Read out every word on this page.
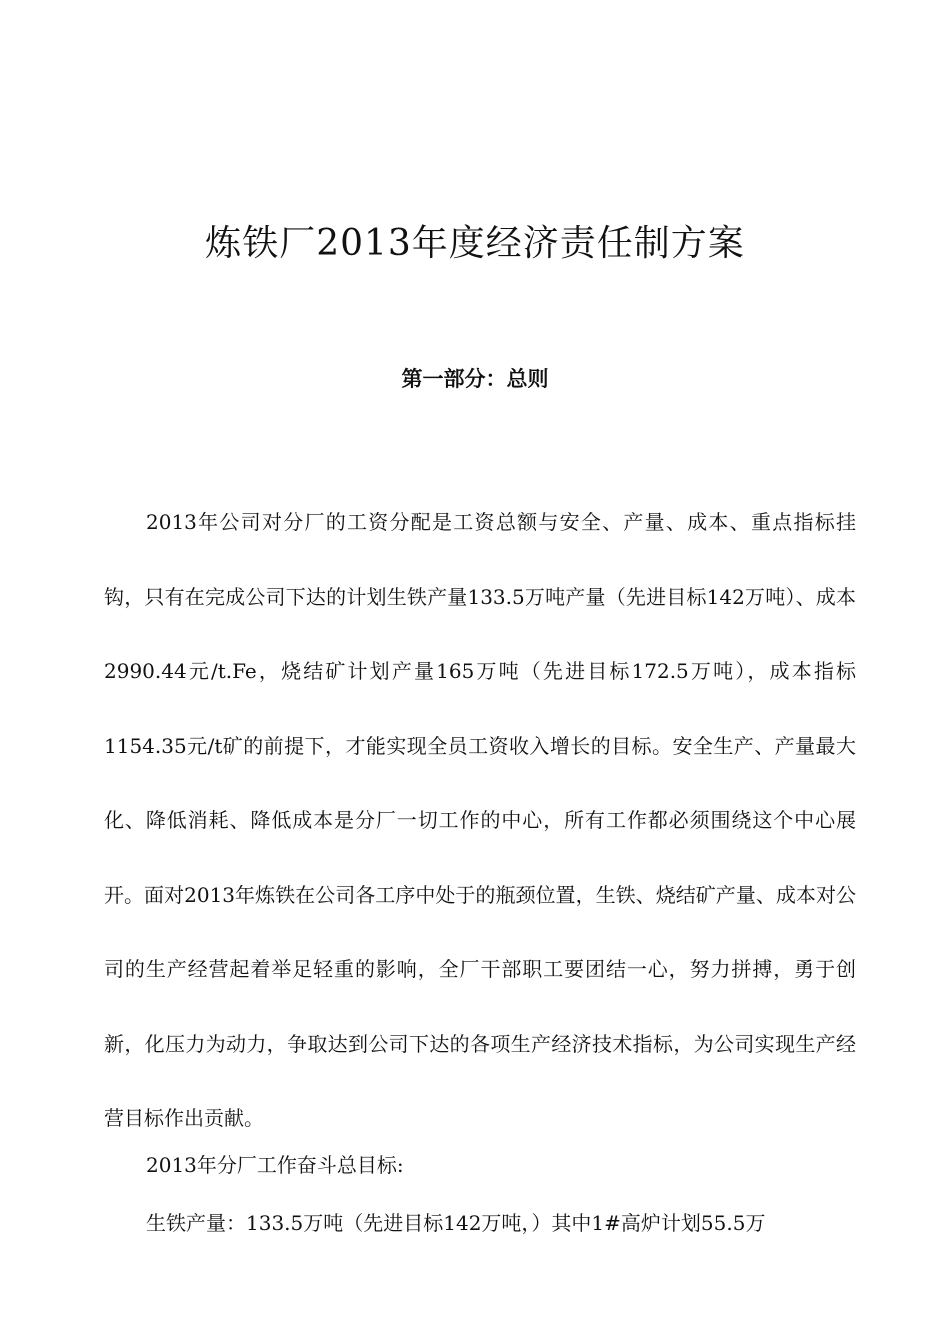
炼铁厂2013年度经济责任制方案
第一部分：总则

2013年公司对分厂的工资分配是工资总额与安全、产量、成本、重点指标挂钩，只有在完成公司下达的计划生铁产量133.5万吨产量（先进目标142万吨）、成本2990.44元/t.Fe，烧结矿计划产量165万吨（先进目标172.5万吨），成本指标1154.35元/t矿的前提下，才能实现全员工资收入增长的目标。安全生产、产量最大化、降低消耗、降低成本是分厂一切工作的中心，所有工作都必须围绕这个中心展开。面对2013年炼铁在公司各工序中处于的瓶颈位置，生铁、烧结矿产量、成本对公司的生产经营起着举足轻重的影响，全厂干部职工要团结一心，努力拼搏，勇于创新，化压力为动力，争取达到公司下达的各项生产经济技术指标，为公司实现生产经营目标作出贡献。

2013年分厂工作奋斗总目标:

生铁产量：133.5万吨（先进目标142万吨，）其中1#高炉计划55.5万
